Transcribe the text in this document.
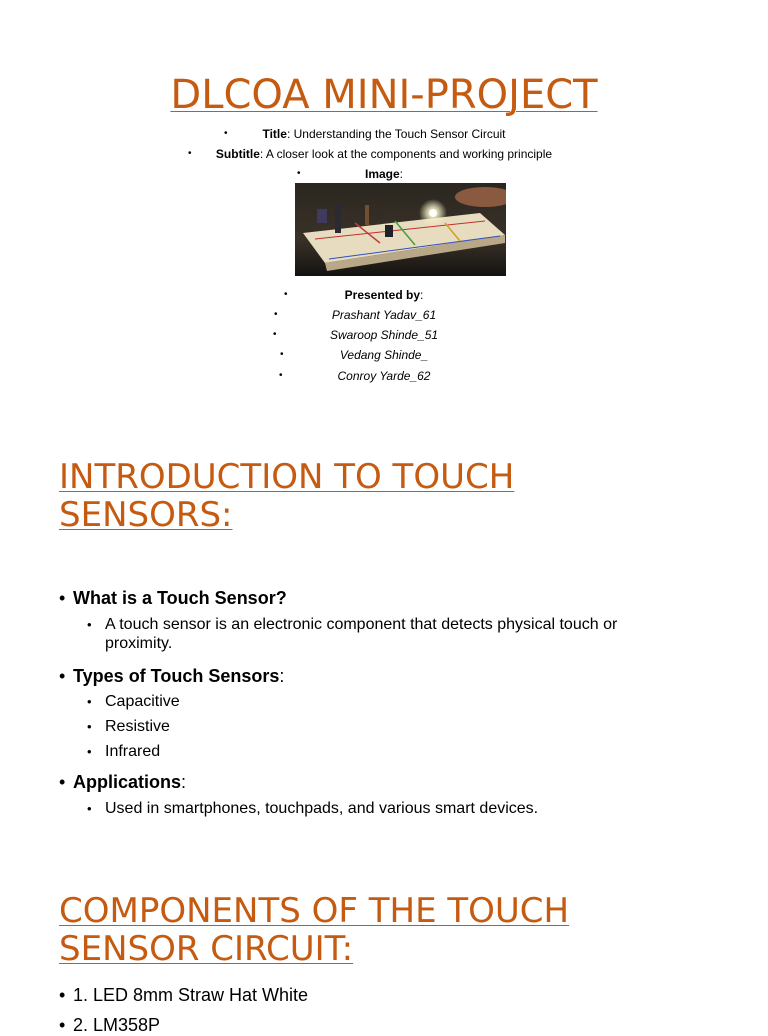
DLCOA MINI-PROJECT
•	Title: Understanding the Touch Sensor Circuit
• Subtitle: A closer look at the components and working principle
•	Image:
•	Presented by:
•	Prashant Yadav_61
•	Swaroop Shinde_51
•	Vedang Shinde_
•	Conroy Yarde_62
INTRODUCTION TO TOUCH
SENSORS:
• What is a Touch Sensor?
• A touch sensor is an electronic component that detects physical touch or proximity.
• Types of Touch Sensors:
• Capacitive
• Resistive
• Infrared
• Applications:
• Used in smartphones, touchpads, and various smart devices.
COMPONENTS OF THE TOUCH
SENSOR CIRCUIT:
• 1. LED 8mm Straw Hat White
• 2. LM358P
